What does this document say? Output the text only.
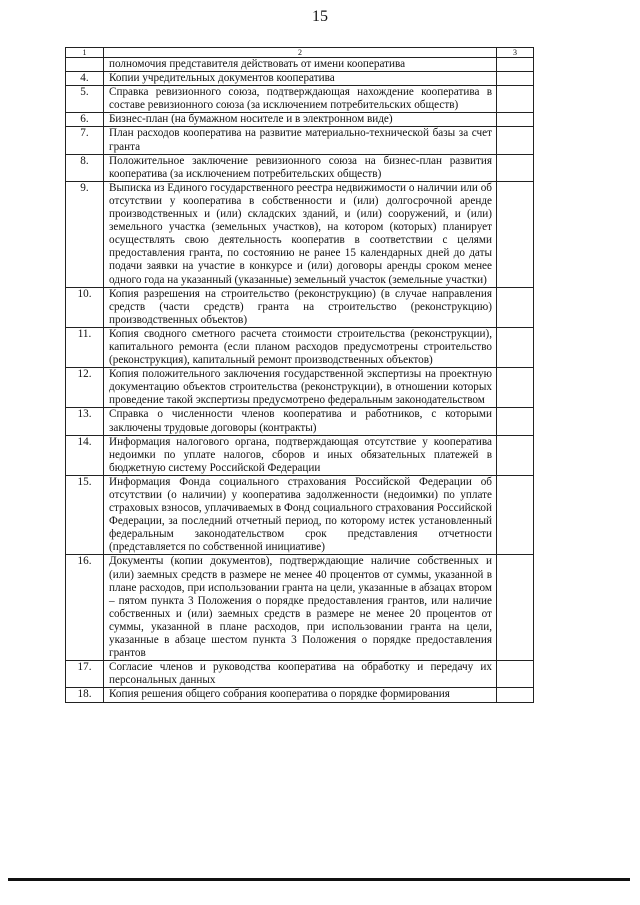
15
1	2	3
	полномочия представителя действовать от имени кооператива	
4.	Копии учредительных документов кооператива	
5.	Справка ревизионного союза, подтверждающая нахождение кооператива в составе ревизионного союза (за исключением потребительских обществ)	
6.	Бизнес-план (на бумажном носителе и в электронном виде)	
7.	План расходов кооператива на развитие материально-технической базы за счет гранта	
8.	Положительное заключение ревизионного союза на бизнес-план развития кооператива (за исключением потребительских обществ)	
9.	Выписка из Единого государственного реестра недвижимости о наличии или об отсутствии у кооператива в собственности и (или) долгосрочной аренде производственных и (или) складских зданий, и (или) сооружений, и (или) земельного участка (земельных участков), на котором (которых) планирует осуществлять свою деятельность кооператив в соответствии с целями предоставления гранта, по состоянию не ранее 15 календарных дней до даты подачи заявки на участие в конкурсе и (или) договоры аренды сроком менее одного года на указанный (указанные) земельный участок (земельные участки)	
10.	Копия разрешения на строительство (реконструкцию) (в случае направления средств (части средств) гранта на строительство (реконструкцию) производственных объектов)	
11.	Копия сводного сметного расчета стоимости строительства (реконструкции), капитального ремонта (если планом расходов предусмотрены строительство (реконструкция), капитальный ремонт производственных объектов)	
12.	Копия положительного заключения государственной экспертизы на проектную документацию объектов строительства (реконструкции), в отношении которых проведение такой экспертизы предусмотрено федеральным законодательством	
13.	Справка о численности членов кооператива и работников, с которыми заключены трудовые договоры (контракты)	
14.	Информация налогового органа, подтверждающая отсутствие у кооператива недоимки по уплате налогов, сборов и иных обязательных платежей в бюджетную систему Российской Федерации	
15.	Информация Фонда социального страхования Российской Федерации об отсутствии (о наличии) у кооператива задолженности (недоимки) по уплате страховых взносов, уплачиваемых в Фонд социального страхования Российской Федерации, за последний отчетный период, по которому истек установленный федеральным законодательством срок представления отчетности (представляется по собственной инициативе)	
16.	Документы (копии документов), подтверждающие наличие собственных и (или) заемных средств в размере не менее 40 процентов от суммы, указанной в плане расходов, при использовании гранта на цели, указанные в абзацах втором – пятом пункта 3 Положения о порядке предоставления грантов, или наличие собственных и (или) заемных средств в размере не менее 20 процентов от суммы, указанной в плане расходов, при использовании гранта на цели, указанные в абзаце шестом пункта 3 Положения о порядке предоставления грантов	
17.	Согласие членов и руководства кооператива на обработку и передачу их персональных данных	
18.	Копия решения общего собрания кооператива о порядке формирования	
